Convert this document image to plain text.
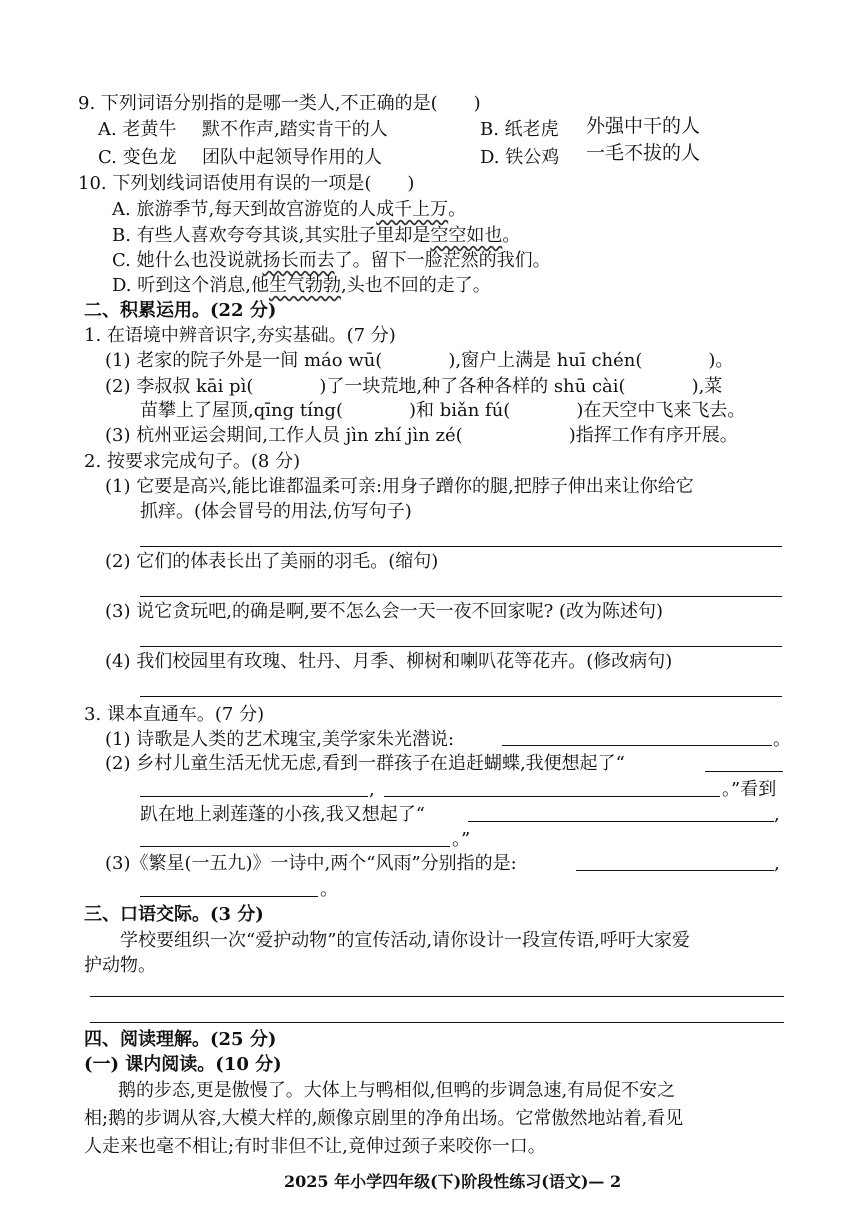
9. 下列词语分别指的是哪一类人,不正确的是(　　)
A. 老黄牛 默不作声,踏实肯干的人	B. 纸老虎 外强中干的人
C. 变色龙 团队中起领导作用的人	D. 铁公鸡 一毛不拔的人
10. 下列划线词语使用有误的一项是(　　)
A. 旅游季节,每天到故宫游览的人成千上万。
B. 有些人喜欢夸夸其谈,其实肚子里却是空空如也。
C. 她什么也没说就扬长而去了。留下一脸茫然的我们。
D. 听到这个消息,他生气勃勃,头也不回的走了。
二、积累运用。(22 分)
1. 在语境中辨音识字,夯实基础。(7 分)
(1) 老家的院子外是一间 máo wū(	),窗户上满是 huī chén(	)。
(2) 李叔叔 kāi pì(	)了一块荒地,种了各种各样的 shū cài(	),菜
苗攀上了屋顶,qīng tíng(	)和 biǎn fú(	)在天空中飞来飞去。
(3) 杭州亚运会期间,工作人员 jìn zhí jìn zé(	)指挥工作有序开展。
2. 按要求完成句子。(8 分)
(1) 它要是高兴,能比谁都温柔可亲:用身子蹭你的腿,把脖子伸出来让你给它
抓痒。(体会冒号的用法,仿写句子)
(2) 它们的体表长出了美丽的羽毛。(缩句)
(3) 说它贪玩吧,的确是啊,要不怎么会一天一夜不回家呢? (改为陈述句)
(4) 我们校园里有玫瑰、牡丹、月季、柳树和喇叭花等花卉。(修改病句)
3. 课本直通车。(7 分)
(1) 诗歌是人类的艺术瑰宝,美学家朱光潜说:	。
(2) 乡村儿童生活无忧无虑,看到一群孩子在追赶蝴蝶,我便想起了“
,	。”看到
趴在地上剥莲蓬的小孩,我又想起了“	,
。”
(3)《繁星(一五九)》一诗中,两个“风雨”分别指的是:	,
。
三、口语交际。(3 分)
学校要组织一次“爱护动物”的宣传活动,请你设计一段宣传语,呼吁大家爱
护动物。
四、阅读理解。(25 分)
(一) 课内阅读。(10 分)
鹅的步态,更是傲慢了。大体上与鸭相似,但鸭的步调急速,有局促不安之
相;鹅的步调从容,大模大样的,颇像京剧里的净角出场。它常傲然地站着,看见
人走来也毫不相让;有时非但不让,竟伸过颈子来咬你一口。
2025 年小学四年级(下)阶段性练习(语文)— 2
